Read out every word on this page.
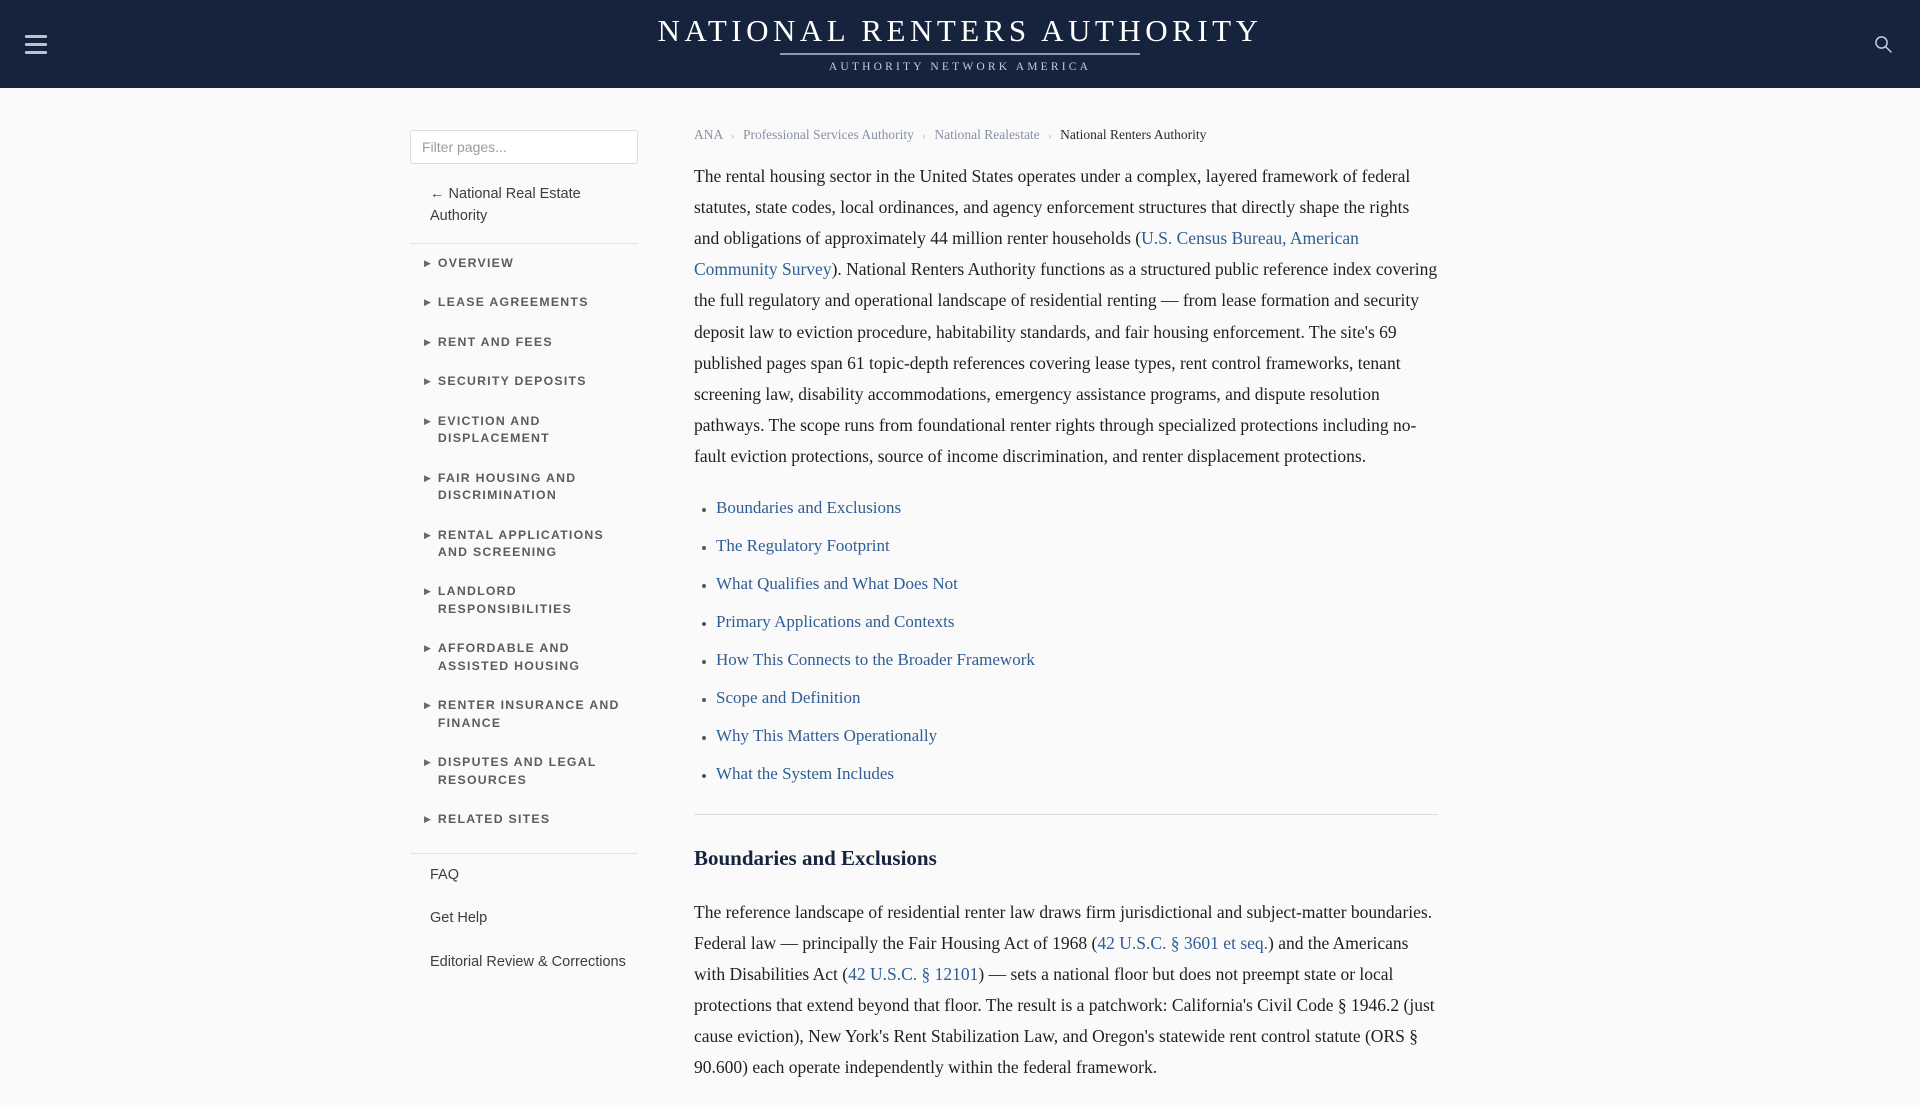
NATIONAL RENTERS AUTHORITY
AUTHORITY NETWORK AMERICA
Filter pages...
← National Real Estate Authority
▶ OVERVIEW
▶ LEASE AGREEMENTS
▶ RENT AND FEES
▶ SECURITY DEPOSITS
▶ EVICTION AND DISPLACEMENT
▶ FAIR HOUSING AND DISCRIMINATION
▶ RENTAL APPLICATIONS AND SCREENING
▶ LANDLORD RESPONSIBILITIES
▶ AFFORDABLE AND ASSISTED HOUSING
▶ RENTER INSURANCE AND FINANCE
▶ DISPUTES AND LEGAL RESOURCES
▶ RELATED SITES
FAQ
Get Help
Editorial Review & Corrections
ANA › Professional Services Authority › National Realestate › National Renters Authority

The rental housing sector in the United States operates under a complex, layered framework of federal statutes, state codes, local ordinances, and agency enforcement structures that directly shape the rights and obligations of approximately 44 million renter households (U.S. Census Bureau, American Community Survey). National Renters Authority functions as a structured public reference index covering the full regulatory and operational landscape of residential renting — from lease formation and security deposit law to eviction procedure, habitability standards, and fair housing enforcement. The site's 69 published pages span 61 topic-depth references covering lease types, rent control frameworks, tenant screening law, disability accommodations, emergency assistance programs, and dispute resolution pathways. The scope runs from foundational renter rights through specialized protections including no-fault eviction protections, source of income discrimination, and renter displacement protections.

• Boundaries and Exclusions
• The Regulatory Footprint
• What Qualifies and What Does Not
• Primary Applications and Contexts
• How This Connects to the Broader Framework
• Scope and Definition
• Why This Matters Operationally
• What the System Includes
Boundaries and Exclusions

The reference landscape of residential renter law draws firm jurisdictional and subject-matter boundaries. Federal law — principally the Fair Housing Act of 1968 (42 U.S.C. § 3601 et seq.) and the Americans with Disabilities Act (42 U.S.C. § 12101) — sets a national floor but does not preempt state or local protections that extend beyond that floor. The result is a patchwork: California's Civil Code § 1946.2 (just cause eviction), New York's Rent Stabilization Law, and Oregon's statewide rent control statute (ORS § 90.600) each operate independently within the federal framework.
